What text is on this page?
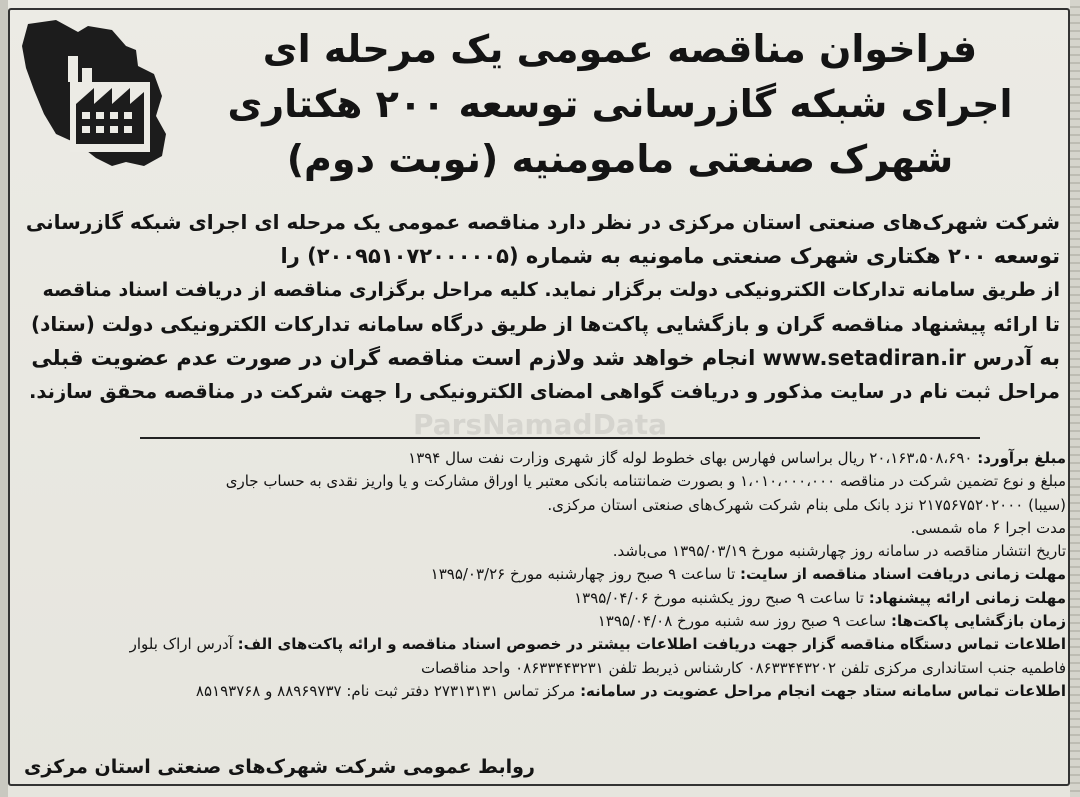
فراخوان مناقصه عمومی یک مرحله ای
اجرای شبکه گازرسانی توسعه ۲۰۰ هکتاری
شهرک صنعتی مامومنیه (نوبت دوم)
شرکت شهرک‌های صنعتی استان مرکزی در نظر دارد مناقصه عمومی یک مرحله ای اجرای شبکه گازرسانی
توسعه ۲۰۰ هکتاری شهرک صنعتی مامونیه به شماره (۲۰۰۹۵۱۰۷۲۰۰۰۰۰۵) را
از طریق سامانه تدارکات الکترونیکی دولت برگزار نماید. کلیه مراحل برگزاری مناقصه از دریافت اسناد مناقصه
تا ارائه پیشنهاد مناقصه گران و بازگشایی پاکت‌ها از طریق درگاه سامانه تدارکات الکترونیکی دولت (ستاد)
به آدرس www.setadiran.ir انجام خواهد شد ولازم است مناقصه گران در صورت عدم عضویت قبلی
مراحل ثبت نام در سایت مذکور و دریافت گواهی امضای الکترونیکی را جهت شرکت در مناقصه محقق سازند.
ParsNamadData
مبلغ برآورد: ۲۰،۱۶۳،۵۰۸،۶۹۰ ریال براساس فهارس بهای خطوط لوله گاز شهری وزارت نفت سال ۱۳۹۴
مبلغ و نوع تضمین شرکت در مناقصه ۱،۰۱۰،۰۰۰،۰۰۰ و بصورت ضمانتنامه بانکی معتبر یا اوراق مشارکت و یا واریز نقدی به حساب جاری
(سیبا) ۲۱۷۵۶۷۵۲۰۲۰۰۰ نزد بانک ملی بنام شرکت شهرک‌های صنعتی استان مرکزی.
مدت اجرا ۶ ماه شمسی.
تاریخ انتشار مناقصه در سامانه روز چهارشنبه مورخ ۱۳۹۵/۰۳/۱۹ می‌باشد.
مهلت زمانی دریافت اسناد مناقصه از سایت: تا ساعت ۹ صبح روز چهارشنبه مورخ ۱۳۹۵/۰۳/۲۶
مهلت زمانی ارائه پیشنهاد: تا ساعت ۹ صبح روز یکشنبه مورخ ۱۳۹۵/۰۴/۰۶
زمان بازگشایی پاکت‌ها: ساعت ۹ صبح روز سه شنبه مورخ ۱۳۹۵/۰۴/۰۸
اطلاعات تماس دستگاه مناقصه گزار جهت دریافت اطلاعات بیشتر در خصوص اسناد مناقصه و ارائه پاکت‌های الف: آدرس اراک بلوار
فاطمیه جنب استانداری مرکزی تلفن ۰۸۶۳۳۴۴۳۲۰۲ کارشناس ذیربط تلفن ۰۸۶۳۳۴۴۳۲۳۱ واحد مناقصات
اطلاعات تماس سامانه ستاد جهت انجام مراحل عضویت در سامانه: مرکز تماس ۲۷۳۱۳۱۳۱ دفتر ثبت نام: ۸۸۹۶۹۷۳۷ و ۸۵۱۹۳۷۶۸
روابط عمومی شرکت شهرک‌های صنعتی استان مرکزی
